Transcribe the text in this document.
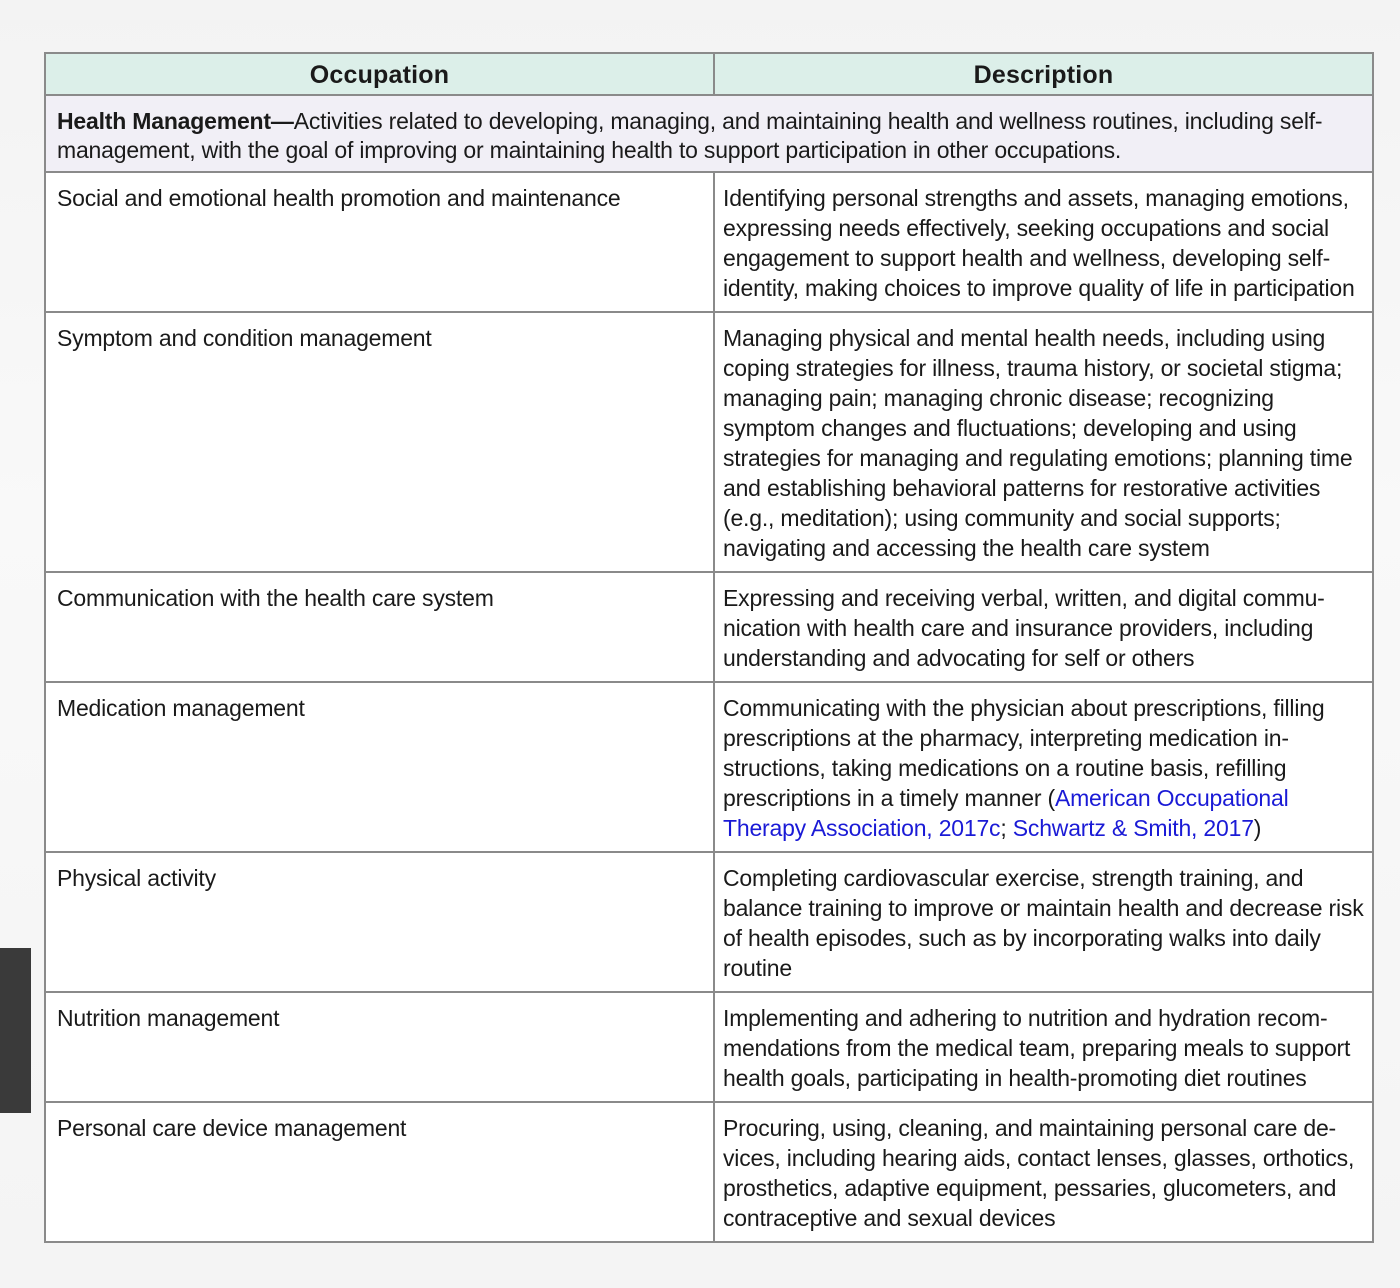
Occupation	Description
Health Management—Activities related to developing, managing, and maintaining health and wellness routines, including self-management, with the goal of improving or maintaining health to support participation in other occupations.	
Social and emotional health promotion and maintenance	Identifying personal strengths and assets, managing emotions, expressing needs effectively, seeking occupations and social engagement to support health and wellness, developing self-identity, making choices to improve quality of life in participation
Symptom and condition management	Managing physical and mental health needs, including using coping strategies for illness, trauma history, or societal stigma; managing pain; managing chronic disease; recognizing symptom changes and fluctuations; developing and using strategies for managing and regulating emotions; planning time and establishing behavioral patterns for restorative activities (e.g., meditation); using community and social supports; navigating and accessing the health care system
Communication with the health care system	Expressing and receiving verbal, written, and digital commu-nication with health care and insurance providers, including understanding and advocating for self or others
Medication management	Communicating with the physician about prescriptions, filling prescriptions at the pharmacy, interpreting medication in-structions, taking medications on a routine basis, refilling prescriptions in a timely manner (American Occupational Therapy Association, 2017c; Schwartz & Smith, 2017)
Physical activity	Completing cardiovascular exercise, strength training, and balance training to improve or maintain health and decrease risk of health episodes, such as by incorporating walks into daily routine
Nutrition management	Implementing and adhering to nutrition and hydration recom-mendations from the medical team, preparing meals to support health goals, participating in health-promoting diet routines
Personal care device management	Procuring, using, cleaning, and maintaining personal care de-vices, including hearing aids, contact lenses, glasses, orthotics, prosthetics, adaptive equipment, pessaries, glucometers, and contraceptive and sexual devices
